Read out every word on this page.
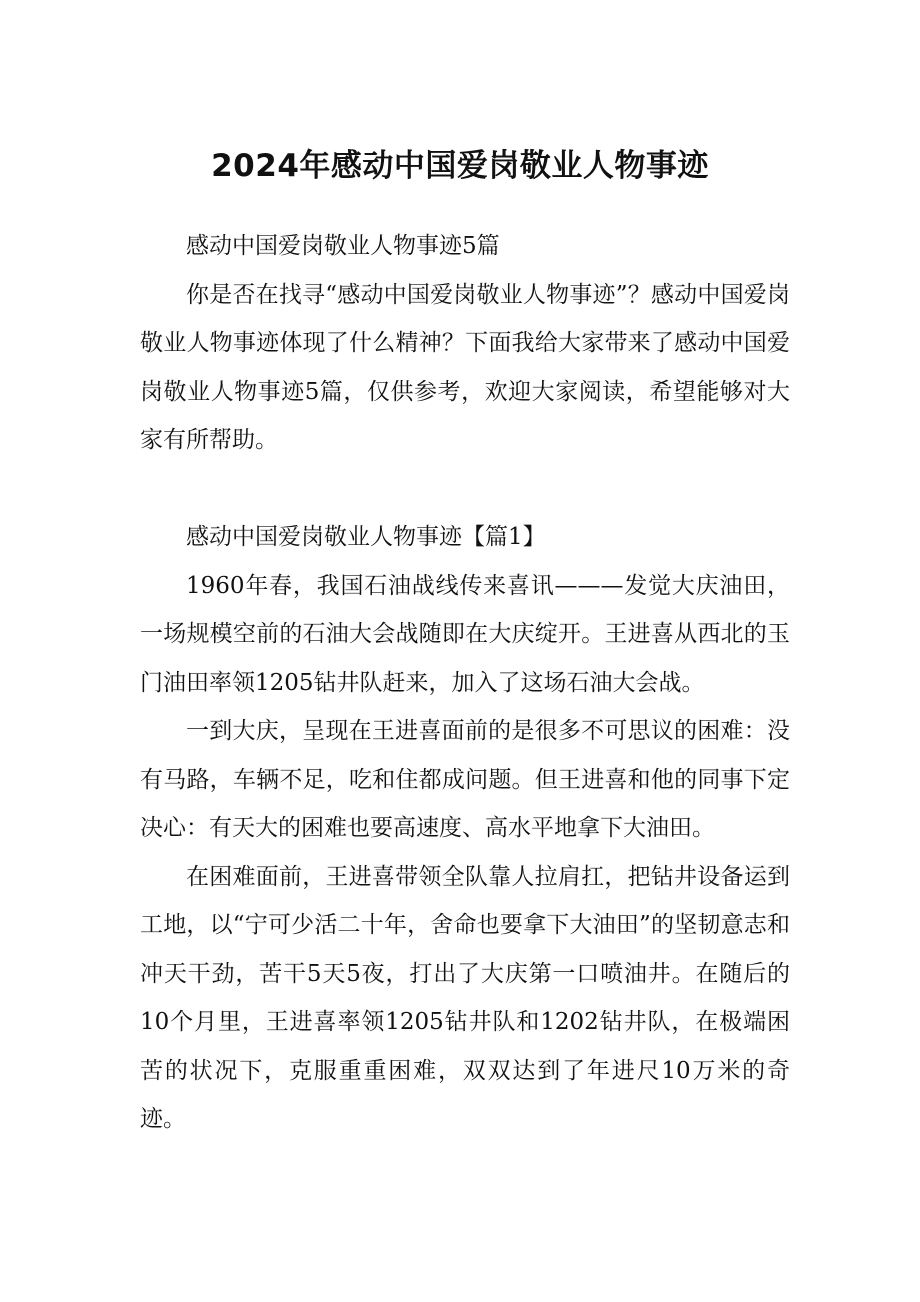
2024年感动中国爱岗敬业人物事迹

感动中国爱岗敬业人物事迹5篇

你是否在找寻“感动中国爱岗敬业人物事迹”？感动中国爱岗敬业人物事迹体现了什么精神？下面我给大家带来了感动中国爱岗敬业人物事迹5篇，仅供参考，欢迎大家阅读，希望能够对大家有所帮助。

感动中国爱岗敬业人物事迹【篇1】

1960年春，我国石油战线传来喜讯———发觉大庆油田，一场规模空前的石油大会战随即在大庆绽开。王进喜从西北的玉门油田率领1205钻井队赶来，加入了这场石油大会战。

一到大庆，呈现在王进喜面前的是很多不可思议的困难：没有马路，车辆不足，吃和住都成问题。但王进喜和他的同事下定决心：有天大的困难也要高速度、高水平地拿下大油田。

在困难面前，王进喜带领全队靠人拉肩扛，把钻井设备运到工地，以“宁可少活二十年，舍命也要拿下大油田”的坚韧意志和冲天干劲，苦干5天5夜，打出了大庆第一口喷油井。在随后的10个月里，王进喜率领1205钻井队和1202钻井队，在极端困苦的状况下，克服重重困难，双双达到了年进尺10万米的奇迹。
